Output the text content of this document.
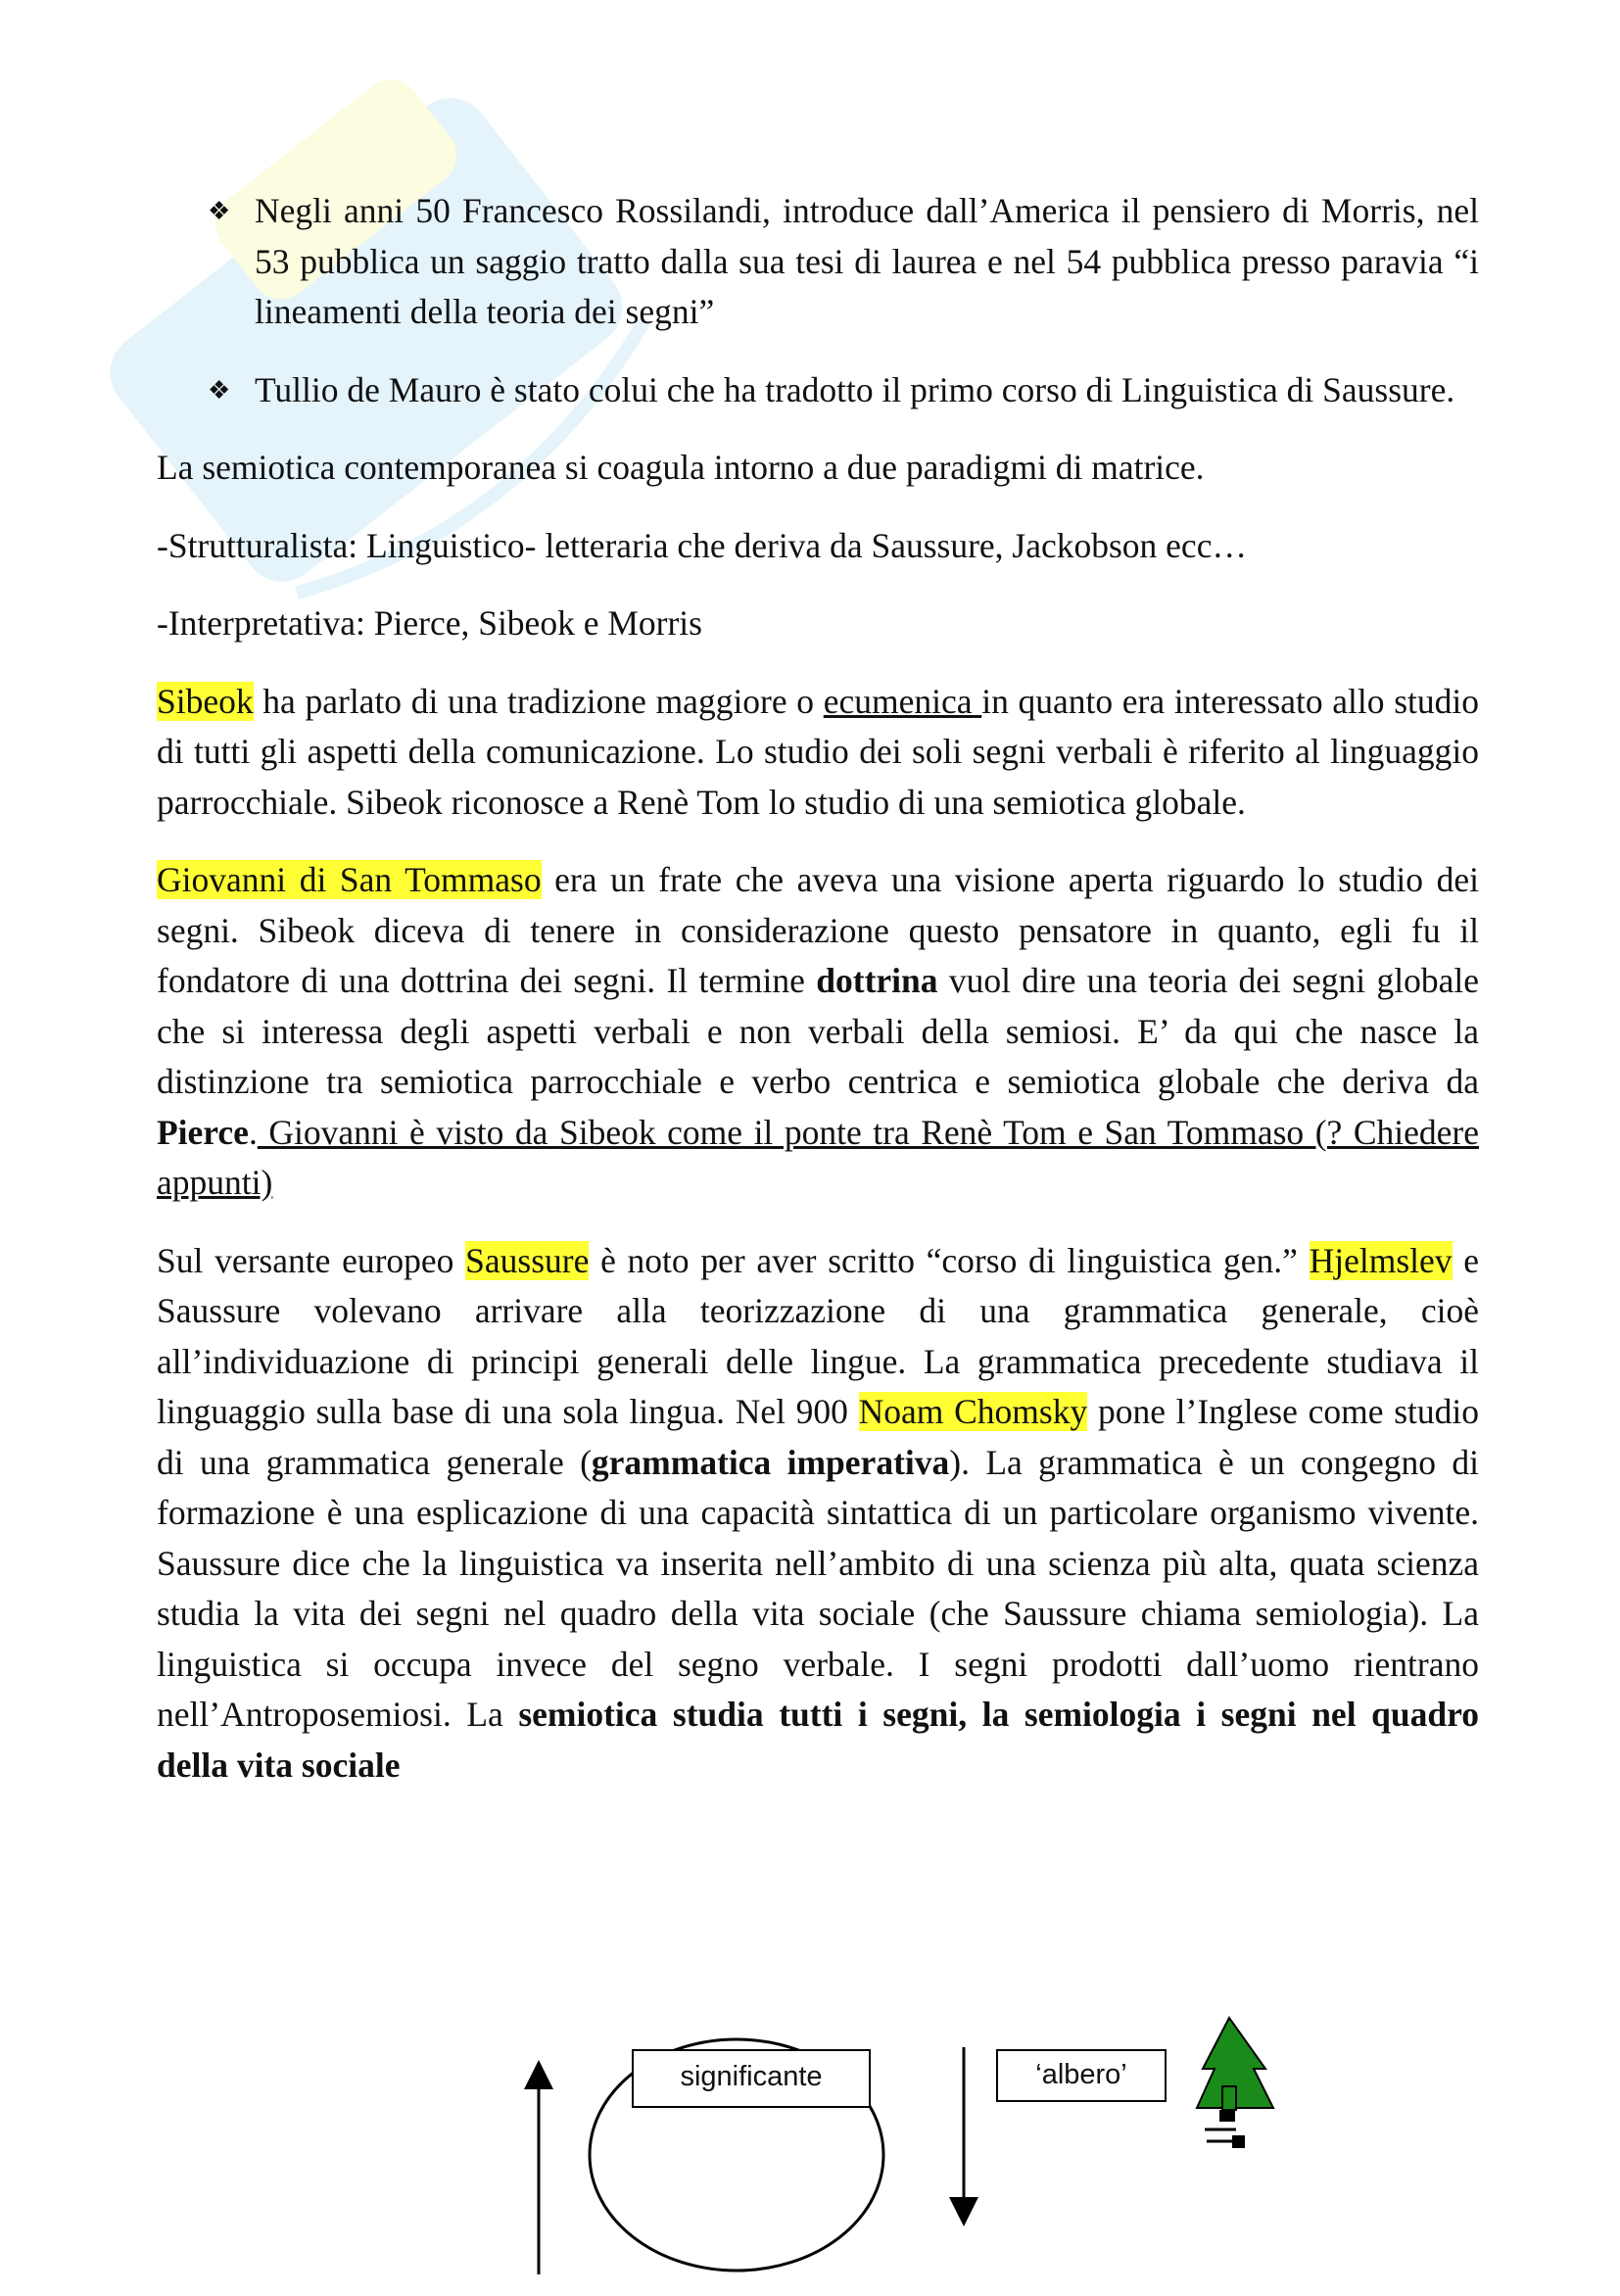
❖ Negli anni 50 Francesco Rossilandi, introduce dall’America il pensiero di Morris, nel 53 pubblica un saggio tratto dalla sua tesi di laurea e nel 54 pubblica presso paravia “i lineamenti della teoria dei segni”
❖ Tullio de Mauro è stato colui che ha tradotto il primo corso di Linguistica di Saussure.

La semiotica contemporanea si coagula intorno a due paradigmi di matrice.

-Strutturalista: Linguistico- letteraria che deriva da Saussure, Jackobson ecc…

-Interpretativa: Pierce, Sibeok e Morris

Sibeok ha parlato di una tradizione maggiore o ecumenica in quanto era interessato allo studio di tutti gli aspetti della comunicazione. Lo studio dei soli segni verbali è riferito al linguaggio parrocchiale. Sibeok riconosce a Renè Tom lo studio di una semiotica globale.

Giovanni di San Tommaso era un frate che aveva una visione aperta riguardo lo studio dei segni. Sibeok diceva di tenere in considerazione questo pensatore in quanto, egli fu il fondatore di una dottrina dei segni. Il termine dottrina vuol dire una teoria dei segni globale che si interessa degli aspetti verbali e non verbali della semiosi. E’ da qui che nasce la distinzione tra semiotica parrocchiale e verbo centrica e semiotica globale che deriva da Pierce. Giovanni è visto da Sibeok come il ponte tra Renè Tom e San Tommaso (? Chiedere appunti)

Sul versante europeo Saussure è noto per aver scritto “corso di linguistica gen.” Hjelmslev e Saussure volevano arrivare alla teorizzazione di una grammatica generale, cioè all’individuazione di principi generali delle lingue. La grammatica precedente studiava il linguaggio sulla base di una sola lingua. Nel 900 Noam Chomsky pone l’Inglese come studio di una grammatica generale (grammatica imperativa). La grammatica è un congegno di formazione è una esplicazione di una capacità sintattica di un particolare organismo vivente. Saussure dice che la linguistica va inserita nell’ambito di una scienza più alta, quata scienza studia la vita dei segni nel quadro della vita sociale (che Saussure chiama semiologia). La linguistica si occupa invece del segno verbale. I segni prodotti dall’uomo rientrano nell’Antroposemiosi. La semiotica studia tutti i segni, la semiologia i segni nel quadro della vita sociale

significante	‘albero’
